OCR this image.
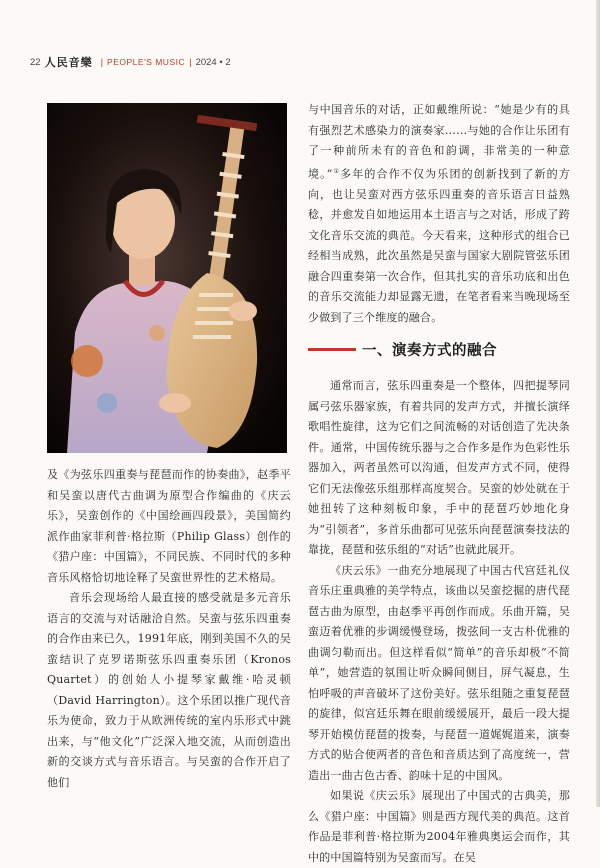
22 人民音樂 | PEOPLE'S MUSIC | 2024 • 2

与中国音乐的对话，正如戴维所说：“她是少有的具有强烈艺术感染力的演奏家……与她的合作让乐团有了一种前所未有的音色和韵调，非常美的一种意境。”①多年的合作不仅为乐团的创新找到了新的方向，也让吴蛮对西方弦乐四重奏的音乐语言日益熟稔，并愈发自如地运用本土语言与之对话，形成了跨文化音乐交流的典范。今天看来，这种形式的组合已经相当成熟，此次虽然是吴蛮与国家大剧院管弦乐团融合四重奏第一次合作，但其扎实的音乐功底和出色的音乐交流能力却显露无遗，在笔者看来当晚现场至少做到了三个维度的融合。

一、演奏方式的融合

通常而言，弦乐四重奏是一个整体，四把提琴同属弓弦乐器家族，有着共同的发声方式，并擅长演绎歌唱性旋律，这为它们之间流畅的对话创造了先决条件。通常，中国传统乐器与之合作多是作为色彩性乐器加入，两者虽然可以沟通，但发声方式不同，使得它们无法像弦乐组那样高度契合。吴蛮的妙处就在于她扭转了这种刻板印象，手中的琵琶巧妙地化身为“引领者”，多首乐曲都可见弦乐向琵琶演奏技法的靠拢，琵琶和弦乐组的“对话”也就此展开。

《庆云乐》一曲充分地展现了中国古代宫廷礼仪音乐庄重典雅的美学特点，该曲以吴蛮挖掘的唐代琵琶古曲为原型，由赵季平再创作而成。乐曲开篇，吴蛮迈着优雅的步调缓慢登场，拨弦间一支古朴优雅的曲调匀勒而出。但这样看似“简单”的音乐却极“不简单”，她营造的氛围让听众瞬间侧目，屏气凝息，生怕呼吸的声音破坏了这份美好。弦乐组随之重复琵琶的旋律，似宫廷乐舞在眼前缓缓展开，最后一段大提琴开始模仿琵琶的拨奏，与琵琶一道娓娓道来，演奏方式的贴合使两者的音色和音质达到了高度统一，营造出一曲古色古香、韵味十足的中国风。

如果说《庆云乐》展现出了中国式的古典美，那么《猎户座：中国篇》则是西方现代美的典范。这首作品是菲利普·格拉斯为2004年雅典奥运会而作，其中的中国篇特别为吴蛮而写。在吴

及《为弦乐四重奏与琵琶而作的协奏曲》，赵季平和吴蛮以唐代古曲调为原型合作编曲的《庆云乐》，吴蛮创作的《中国绘画四段景》，美国简约派作曲家菲利普·格拉斯（Philip Glass）创作的《猎户座：中国篇》，不同民族、不同时代的多种音乐风格恰切地诠释了吴蛮世界性的艺术格局。

音乐会现场给人最直接的感受就是多元音乐语言的交流与对话融洽自然。吴蛮与弦乐四重奏的合作由来已久，1991年底，刚到美国不久的吴蛮结识了克罗诺斯弦乐四重奏乐团（Kronos Quartet）的创始人小提琴家戴维·哈灵顿（David Harrington）。这个乐团以推广现代音乐为使命，致力于从欧洲传统的室内乐形式中跳出来，与“他文化”广泛深入地交流，从而创造出新的交谈方式与音乐语言。与吴蛮的合作开启了他们
